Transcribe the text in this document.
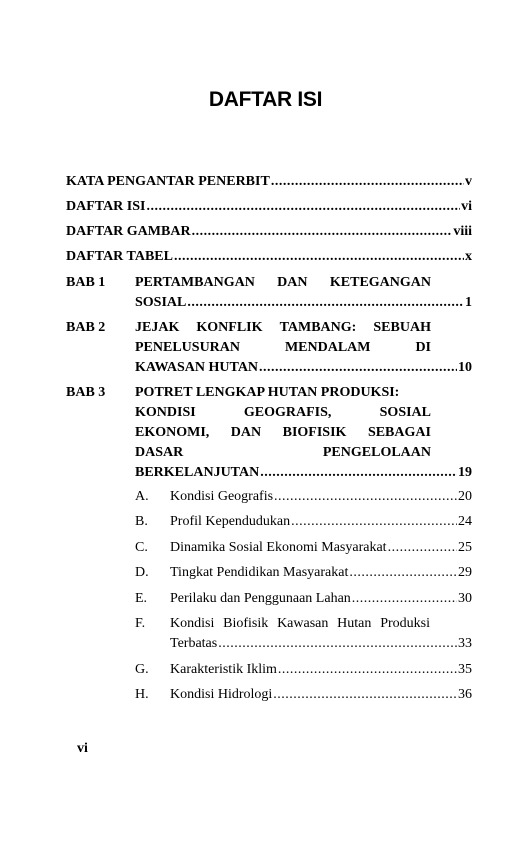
DAFTAR ISI
KATA PENGANTAR PENERBIT .....	v
DAFTAR ISI .....	vi
DAFTAR GAMBAR .....	viii
DAFTAR TABEL .....	x
BAB 1 PERTAMBANGAN DAN KETEGANGAN
SOSIAL .....	1
BAB 2 JEJAK KONFLIK TAMBANG: SEBUAH
PENELUSURAN	MENDALAM	DI
KAWASAN HUTAN .....	10
BAB 3 POTRET LENGKAP HUTAN PRODUKSI:
KONDISI	GEOGRAFIS,	SOSIAL
EKONOMI, DAN BIOFISIK SEBAGAI
DASAR	PENGELOLAAN
BERKELANJUTAN .....	19
A. Kondisi Geografis .....	20
B. Profil Kependudukan .....	24
C. Dinamika Sosial Ekonomi Masyarakat .....	25
D. Tingkat Pendidikan Masyarakat .....	29
E. Perilaku dan Penggunaan Lahan .....	30
F. Kondisi Biofisik Kawasan Hutan Produksi
Terbatas .....	33
G. Karakteristik Iklim .....	35
H. Kondisi Hidrologi .....	36
vi
